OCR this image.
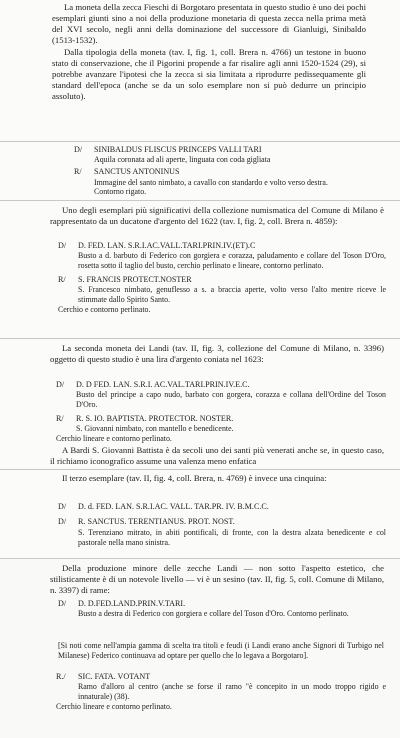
La moneta della zecca Fieschi di Borgotaro presentata in questo studio è uno dei pochi esemplari giunti sino a noi della produzione monetaria di questa zecca nella prima metà del XVI secolo, negli anni della dominazione del successore di Gianluigi, Sinibaldo (1513-1532).

Dalla tipologia della moneta (tav. I, fig. 1, coll. Brera n. 4766) un testone in buono stato di conservazione, che il Pigorini propende a far risalire agli anni 1520-1524 (29), si potrebbe avanzare l'ipotesi che la zecca si sia limitata a riprodurre pedissequamente gli standard dell'epoca (anche se da un solo esemplare non si può dedurre un principio assoluto).

D/	SINIBALDUS FLISCUS PRINCEPS VALLI TARI

Aquila coronata ad ali aperte, linguata con coda gigliata

R/	SANCTUS ANTONINUS

Immagine del santo nimbato, a cavallo con standardo e volto verso destra.

Contorno rigato.

Uno degli esemplari più significativi della collezione numismatica del Comune di Milano è rappresentato da un ducatone d'argento del 1622 (tav. I, fig. 2, coll. Brera n. 4859):

D/	D. FED. LAN. S.R.I.AC.VALL.TARI.PRIN.IV.(ET).C

Busto a d. barbuto di Federico con gorgiera e corazza, paludamento e collare del Toson D'Oro, rosetta sotto il taglio del busto, cerchio perlinato e lineare, contorno perlinato.

R/	S. FRANCIS PROTECT.NOSTER

S. Francesco nimbato, genuflesso a s. a braccia aperte, volto verso l'alto mentre riceve le stimmate dallo Spirito Santo.

Cerchio e contorno perlinato.

La seconda moneta dei Landi (tav. II, fig. 3, collezione del Comune di Milano, n. 3396) oggetto di questo studio è una lira d'argento coniata nel 1623:

D/	D. D FED. LAN. S.R.I. AC.VAL.TARI.PRIN.IV.E.C.

Busto del principe a capo nudo, barbato con gorgera, corazza e collana dell'Ordine del Toson D'Oro.

R/	R. S. IO. BAPTISTA. PROTECTOR. NOSTER.

S. Giovanni nimbato, con mantello e benedicente.

Cerchio lineare e contorno perlinato.

A Bardi S. Giovanni Battista è da secoli uno dei santi più venerati anche se, in questo caso, il richiamo iconografico assume una valenza meno enfatica

Il terzo esemplare (tav. II, fig. 4, coll. Brera, n. 4769) è invece una cinquina:

D/	D. d. FED. LAN. S.R.I.AC. VALL. TAR.PR. IV. B.M.C.C.
D/	R. SANCTUS. TERENTIANUS. PROT. NOST.

S. Terenziano mitrato, in abiti pontificali, di fronte, con la destra alzata benedicente e col pastorale nella mano sinistra.

Della produzione minore delle zecche Landi — non sotto l'aspetto estetico, che stilisticamente è di un notevole livello — vi è un sesino (tav. II, fig. 5, coll. Comune di Milano, n. 3397) di rame:

D/	D. D.FED.LAND.PRIN.V.TARI.

Busto a destra di Federico con gorgiera e collare del Toson d'Oro. Contorno perlinato.

[Si noti come nell'ampia gamma di scelta tra titoli e feudi (i Landi erano anche Signori di Turbigo nel Milanese) Federico continuava ad optare per quello che lo legava a Borgotaro].

R./	SIC. FATA. VOTANT

Ramo d'alloro al centro (anche se forse il ramo "è concepito in un modo troppo rigido e innaturale) (38).

Cerchio lineare e contorno perlinato.
